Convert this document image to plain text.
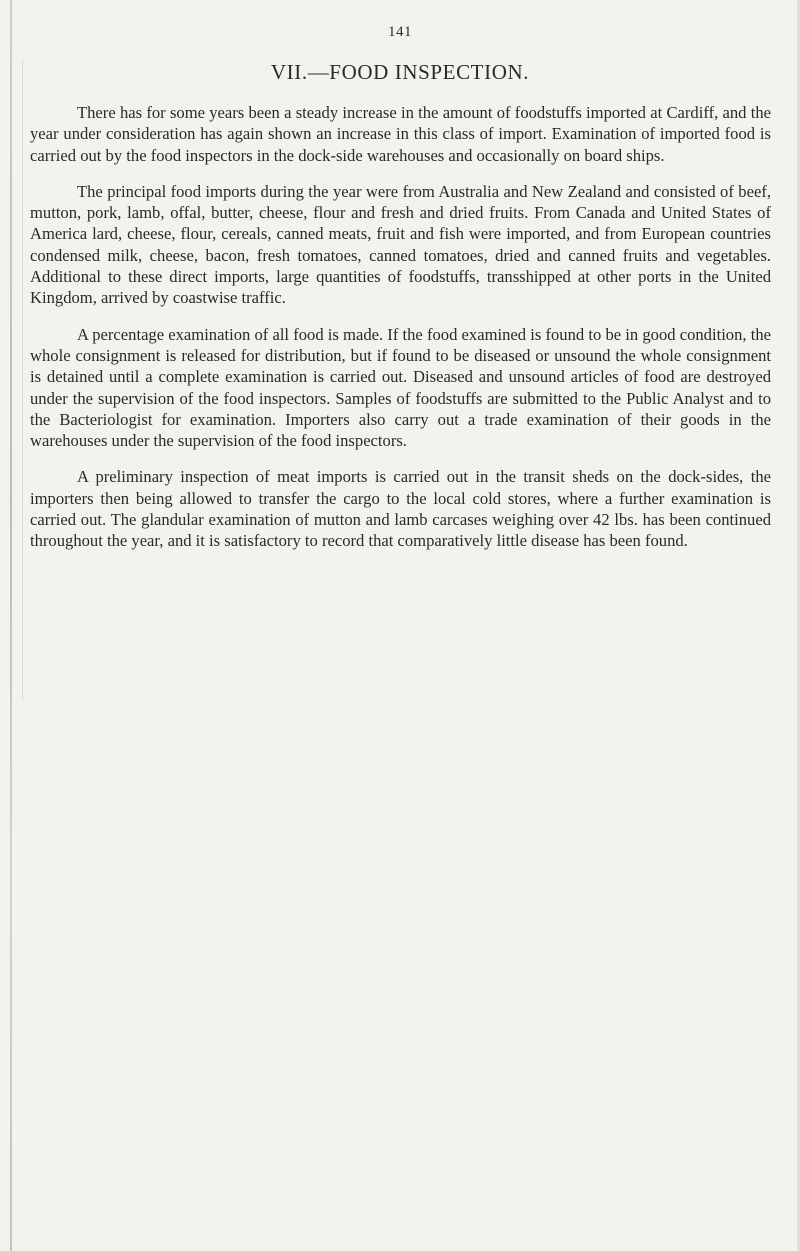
141
VII.—FOOD INSPECTION.

There has for some years been a steady increase in the amount of foodstuffs imported at Cardiff, and the year under consideration has again shown an increase in this class of import. Examination of imported food is carried out by the food inspectors in the dock-side warehouses and occasionally on board ships.

The principal food imports during the year were from Australia and New Zealand and consisted of beef, mutton, pork, lamb, offal, butter, cheese, flour and fresh and dried fruits. From Canada and United States of America lard, cheese, flour, cereals, canned meats, fruit and fish were imported, and from European countries condensed milk, cheese, bacon, fresh tomatoes, canned tomatoes, dried and canned fruits and vegetables. Additional to these direct imports, large quantities of foodstuffs, transshipped at other ports in the United Kingdom, arrived by coastwise traffic.

A percentage examination of all food is made. If the food examined is found to be in good condition, the whole consignment is released for distribution, but if found to be diseased or unsound the whole consignment is detained until a complete examination is carried out. Diseased and unsound articles of food are destroyed under the supervision of the food inspectors. Samples of foodstuffs are submitted to the Public Analyst and to the Bacteriologist for examination. Importers also carry out a trade examination of their goods in the warehouses under the supervision of the food inspectors.

A preliminary inspection of meat imports is carried out in the transit sheds on the dock-sides, the importers then being allowed to transfer the cargo to the local cold stores, where a further examination is carried out. The glandular examination of mutton and lamb carcases weighing over 42 lbs. has been continued throughout the year, and it is satisfactory to record that comparatively little disease has been found.
